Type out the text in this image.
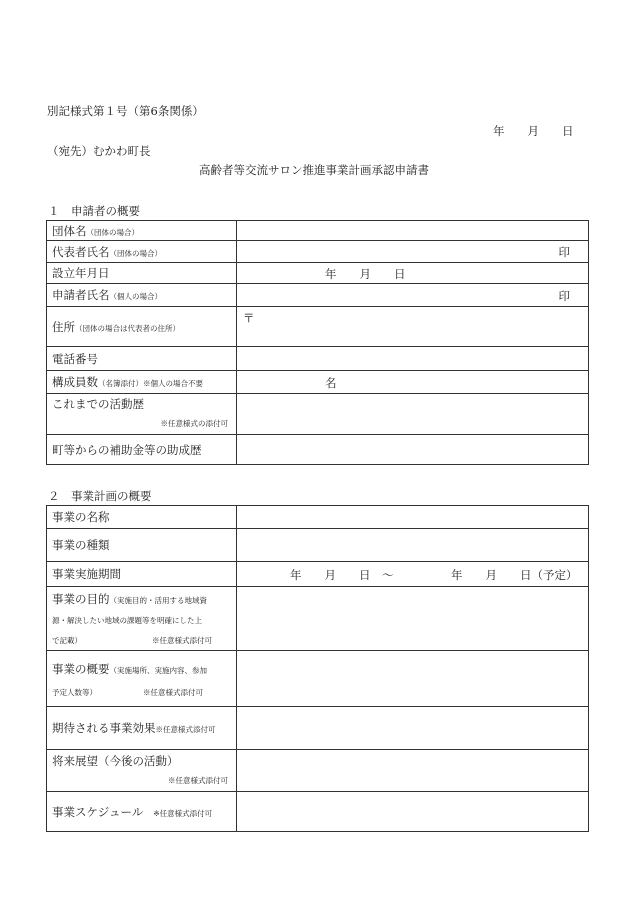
別記様式第１号（第6条関係）
年　　月　　日
（宛先）むかわ町長
高齢者等交流サロン推進事業計画承認申請書
１　申請者の概要
団体名（団体の場合）	
代表者氏名（団体の場合）	印

設立年月日	年　　月　　日

申請者氏名（個人の場合）	印

住所（団体の場合は代表者の住所）	〒

電話番号	
構成員数（名簿添付）※個人の場合不要	名

これまでの活動歴
※任意様式の添付可	

町等からの補助金等の助成歴	
２　事業計画の概要
事業の名称	
事業の種類	
事業実施期間	年　　月　　日　～　　　　　年　　月　　日（予定）

事業の目的（実施目的・活用する地域資
源・解決したい地域の課題等を明確にした上
で記載） ※任意様式添付可	
事業の概要（実施場所、実施内容、参加
予定人数等） ※任意様式添付可	
期待される事業効果※任意様式添付可	
将来展望（今後の活動）
※任意様式添付可	

事業スケジュール ※任意様式添付可	
